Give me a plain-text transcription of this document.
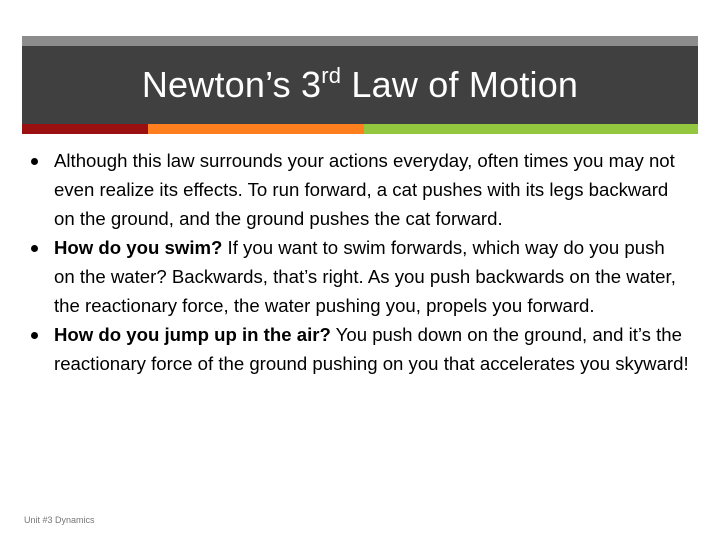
Newton’s 3rd Law of Motion
Although this law surrounds your actions everyday, often times you may not even realize its effects. To run forward, a cat pushes with its legs backward on the ground, and the ground pushes the cat forward.
How do you swim? If you want to swim forwards, which way do you push on the water? Backwards, that’s right. As you push backwards on the water, the reactionary force, the water pushing you, propels you forward.
How do you jump up in the air? You push down on the ground, and it’s the reactionary force of the ground pushing on you that accelerates you skyward!
Unit #3 Dynamics
